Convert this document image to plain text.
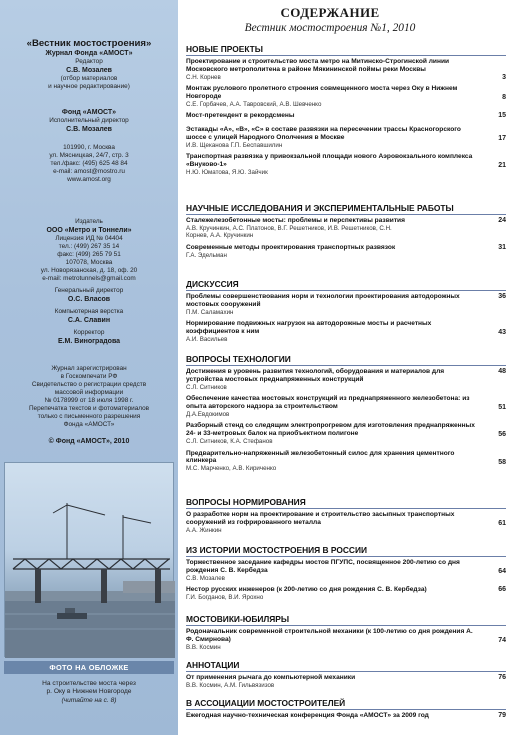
«Вестник мостостроения»
Журнал Фонда «АМОСТ»
Редактор
С.В. Мозалев
(отбор материалов
и научное редактирование)
Фонд «АМОСТ»
Исполнительный директор
С.В. Мозалев
101990, г. Москва
ул. Мясницкая, 24/7, стр. 3
тел./факс: (495) 625 48 84
e-mail: amost@mostro.ru
www.amost.org
Издатель
ООО «Метро и Тоннели»
Лицензия ИД № 04404
тел.: (499) 267 35 14
факс: (499) 265 79 51
107078, Москва
ул. Новорязанская, д. 18, оф. 20
e-mail: metrotunnels@gmail.com
Генеральный директор
О.С. Власов
Компьютерная верстка
С.А. Славин
Корректор
Е.М. Виноградова
Журнал зарегистрирован
в Госкомпечати РФ
Свидетельство о регистрации средств
массовой информации
№ 0178999 от 18 июля 1998 г.
Перепечатка текстов и фотоматериалов
только с письменного разрешения
Фонда «АМОСТ»
© Фонд «АМОСТ», 2010
ФОТО НА ОБЛОЖКЕ
На строительстве моста через
р. Оку в Нижнем Новгороде
(читайте на с. 8)
СОДЕРЖАНИЕ
Вестник мостостроения №1, 2010
НОВЫЕ ПРОЕКТЫ
Проектирование и строительство моста метро на Митинско-Строгинской линии Московского метрополитена в районе Мякининской поймы реки Москвы
С.Н. Корнев	3
Монтаж руслового пролетного строения совмещенного моста через Оку в Нижнем Новгороде
С.Е. Горбачев, А.А. Тавровский, А.В. Шевченко
8
Мост-претендент в рекордсмены	15
Эстакады «А», «В», «С» в составе развязки на пересечении трассы Красногорского шоссе с улицей Народного Ополчения в Москве
И.В. Щеканова Г.П. Беспавшилин
17
Транспортная развязка у привокзальной площади нового Аэровокзального комплекса «Внуково-1»
Н.Ю. Юматова, Я.Ю. Зайчик
21
НАУЧНЫЕ ИССЛЕДОВАНИЯ И ЭКСПЕРИМЕНТАЛЬНЫЕ РАБОТЫ
Сталежелезобетонные мосты: проблемы и перспективы развития
А.В. Кручинкин, А.С. Платонов, В.Г. Решетников, И.В. Решетников, С.Н. Корнев, А.А. Кручинкин
24
Современные методы проектирования транспортных развязок
Г.А. Эдельман
31
ДИСКУССИЯ
Проблемы совершенствования норм и технологии проектирования автодорожных мостовых сооружений
П.М. Саламахин
36
Нормирование подвижных нагрузок на автодорожные мосты и расчетных коэффициентов к ним
А.И. Васильев
43
ВОПРОСЫ ТЕХНОЛОГИИ
Достижения в уровень развития технологий, оборудования и материалов для устройства мостовых преднапряженных конструкций
С.Л. Ситников
48
Обеспечение качества мостовых конструкций из преднапряженного железобетона: из опыта авторского надзора за строительством
Д.А.Евдокимов
51
Разборный стенд со следящим электропрогревом для изготовления преднапряженных 24- и 33-метровых балок на приобъектном полигоне
С.Л. Ситников, К.А. Стефанов
56
Предварительно-напряженный железобетонный силос для хранения цементного клинкера
М.С. Марченко, А.В. Кириченко
58
ВОПРОСЫ НОРМИРОВАНИЯ
О разработке норм на проектирование и строительство засыпных транспортных сооружений из гофрированного металла
А.А. Жинкин
61
ИЗ ИСТОРИИ МОСТОСТРОЕНИЯ В РОССИИ
Торжественное заседание кафедры мостов ПГУПС, посвященное 200-летию со дня рождения С. В. Кербедза
С.В. Мозалев
64
Нестор русских инженеров (к 200-летию со дня рождения С. В. Кербедза)
Г.И. Богданов, В.И. Ярохно
66
МОСТОВИКИ-ЮБИЛЯРЫ
Родоначальник современной строительной механики (к 100-летию со дня рождения А. Ф. Смирнова)
В.В. Космин
74
АННОТАЦИИ
От применения рычага до компьютерной механики
В.В. Космин, А.М. Гильвязизов
76
В АССОЦИАЦИИ МОСТОСТРОИТЕЛЕЙ
Ежегодная научно-техническая конференция Фонда «АМОСТ» за 2009 год	79
